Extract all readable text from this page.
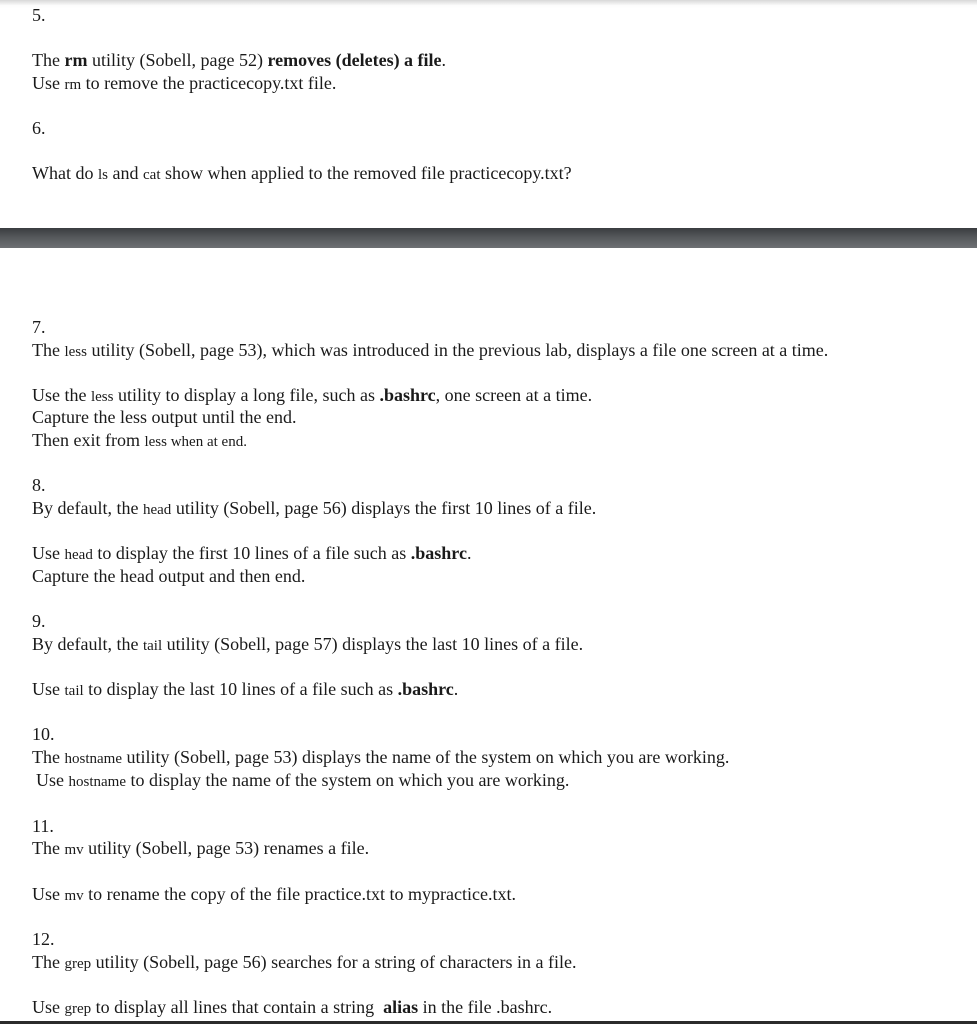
5.
The rm utility (Sobell, page 52) removes (deletes) a file.
Use rm to remove the practicecopy.txt file.
6.
What do ls and cat show when applied to the removed file practicecopy.txt?
7.
The less utility (Sobell, page 53), which was introduced in the previous lab, displays a file one screen at a time.
Use the less utility to display a long file, such as .bashrc, one screen at a time.
Capture the less output until the end.
Then exit from less when at end.
8.
By default, the head utility (Sobell, page 56) displays the first 10 lines of a file.
Use head to display the first 10 lines of a file such as .bashrc.
Capture the head output and then end.
9.
By default, the tail utility (Sobell, page 57) displays the last 10 lines of a file.
Use tail to display the last 10 lines of a file such as .bashrc.
10.
The hostname utility (Sobell, page 53) displays the name of the system on which you are working.
Use hostname to display the name of the system on which you are working.
11.
The mv utility (Sobell, page 53) renames a file.
Use mv to rename the copy of the file practice.txt to mypractice.txt.
12.
The grep utility (Sobell, page 56) searches for a string of characters in a file.
Use grep to display all lines that contain a string  alias in the file .bashrc.
